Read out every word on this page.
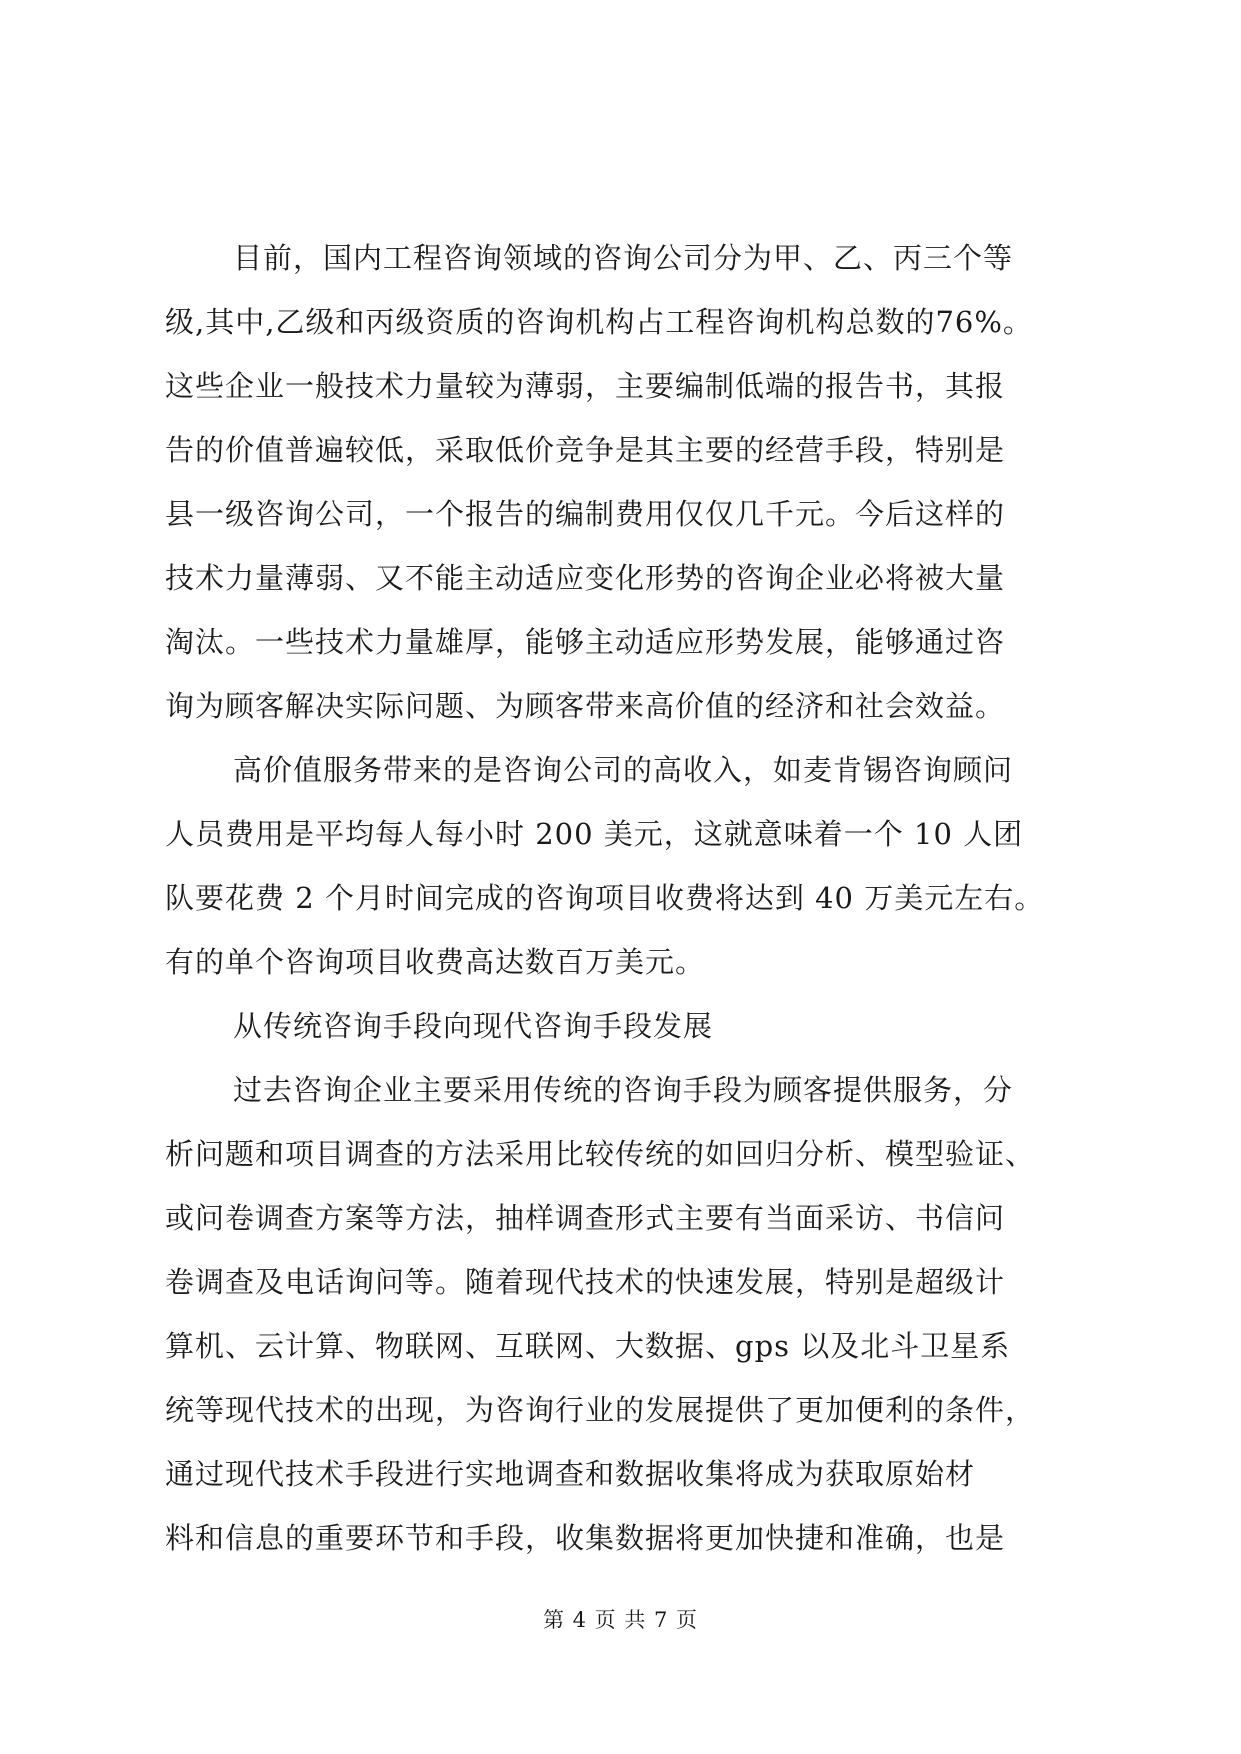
目前，国内工程咨询领域的咨询公司分为甲、乙、丙三个等
级,其中,乙级和丙级资质的咨询机构占工程咨询机构总数的76%。
这些企业一般技术力量较为薄弱，主要编制低端的报告书，其报
告的价值普遍较低，采取低价竞争是其主要的经营手段，特别是
县一级咨询公司，一个报告的编制费用仅仅几千元。今后这样的
技术力量薄弱、又不能主动适应变化形势的咨询企业必将被大量
淘汰。一些技术力量雄厚，能够主动适应形势发展，能够通过咨
询为顾客解决实际问题、为顾客带来高价值的经济和社会效益。
高价值服务带来的是咨询公司的高收入，如麦肯锡咨询顾问
人员费用是平均每人每小时 200 美元，这就意味着一个 10 人团
队要花费 2 个月时间完成的咨询项目收费将达到 40 万美元左右。
有的单个咨询项目收费高达数百万美元。
从传统咨询手段向现代咨询手段发展
过去咨询企业主要采用传统的咨询手段为顾客提供服务，分
析问题和项目调查的方法采用比较传统的如回归分析、模型验证、
或问卷调查方案等方法，抽样调查形式主要有当面采访、书信问
卷调查及电话询问等。随着现代技术的快速发展，特别是超级计
算机、云计算、物联网、互联网、大数据、gps 以及北斗卫星系
统等现代技术的出现，为咨询行业的发展提供了更加便利的条件，
通过现代技术手段进行实地调查和数据收集将成为获取原始材
料和信息的重要环节和手段，收集数据将更加快捷和准确，也是
第 4 页 共 7 页
